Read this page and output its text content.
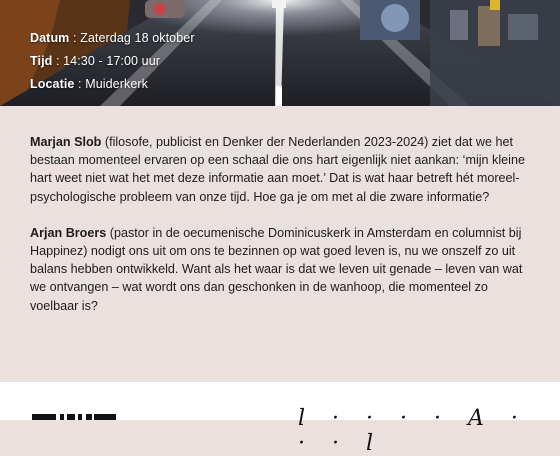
Datum : Zaterdag 18 oktober
Tijd : 14:30 - 17:00 uur
Locatie : Muiderkerk

Marjan Slob (filosofe, publicist en Denker der Nederlanden 2023-2024) ziet dat we het bestaan momenteel ervaren op een schaal die ons hart eigenlijk niet aankan: ‘mijn kleine hart weet niet wat het met deze informatie aan moet.’ Dat is wat haar betreft hét moreel-psychologische probleem van onze tijd. Hoe ga je om met al die zware informatie?

Arjan Broers (pastor in de oecumenische Dominicuskerk in Amsterdam en columnist bij Happinez) nodigt ons uit om ons te bezinnen op wat goed leven is, nu we onszelf zo uit balans hebben ontwikkeld. Want als het waar is dat we leven uit genade – leven van wat we ontvangen – wat wordt ons dan geschonken in de wanhoop, die momenteel zo voelbaar is?

l · · · · A · · · l
